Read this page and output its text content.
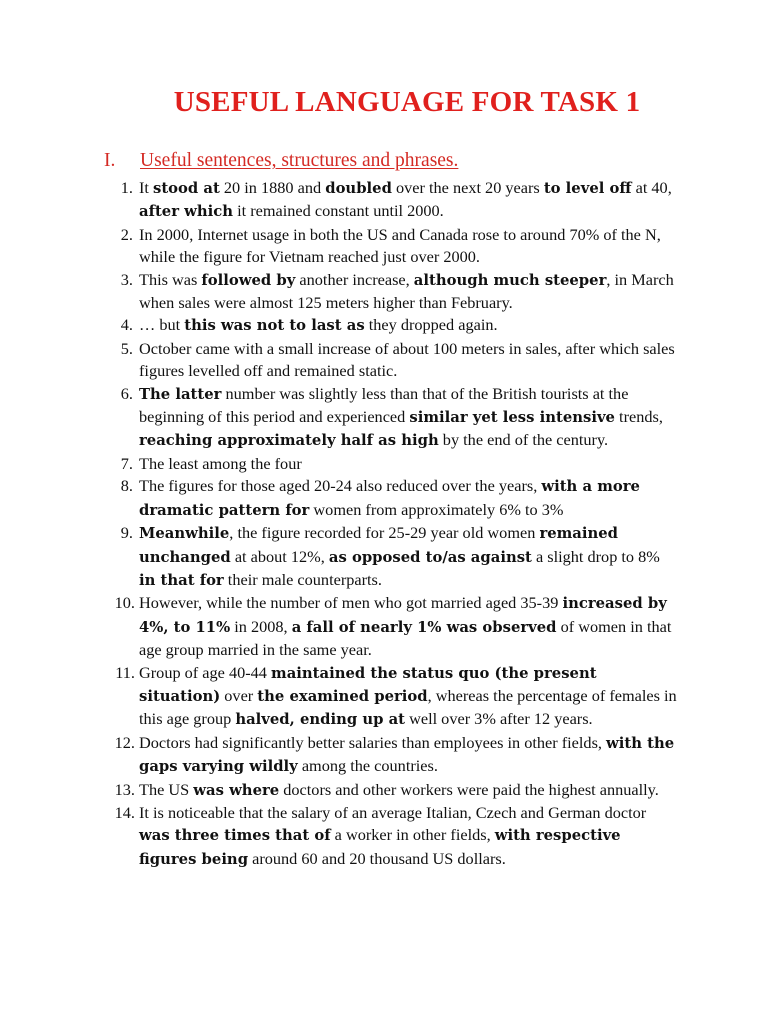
USEFUL LANGUAGE FOR TASK 1
I. Useful sentences, structures and phrases.
1. It stood at 20 in 1880 and doubled over the next 20 years to level off at 40, after which it remained constant until 2000.
2. In 2000, Internet usage in both the US and Canada rose to around 70% of the N, while the figure for Vietnam reached just over 2000.
3. This was followed by another increase, although much steeper, in March when sales were almost 125 meters higher than February.
4. … but this was not to last as they dropped again.
5. October came with a small increase of about 100 meters in sales, after which sales figures levelled off and remained static.
6. The latter number was slightly less than that of the British tourists at the beginning of this period and experienced similar yet less intensive trends, reaching approximately half as high by the end of the century.
7. The least among the four
8. The figures for those aged 20-24 also reduced over the years, with a more dramatic pattern for women from approximately 6% to 3%
9. Meanwhile, the figure recorded for 25-29 year old women remained unchanged at about 12%, as opposed to/as against a slight drop to 8% in that for their male counterparts.
10. However, while the number of men who got married aged 35-39 increased by 4%, to 11% in 2008, a fall of nearly 1% was observed of women in that age group married in the same year.
11. Group of age 40-44 maintained the status quo (the present situation) over the examined period, whereas the percentage of females in this age group halved, ending up at well over 3% after 12 years.
12. Doctors had significantly better salaries than employees in other fields, with the gaps varying wildly among the countries.
13. The US was where doctors and other workers were paid the highest annually.
14. It is noticeable that the salary of an average Italian, Czech and German doctor was three times that of a worker in other fields, with respective figures being around 60 and 20 thousand US dollars.
